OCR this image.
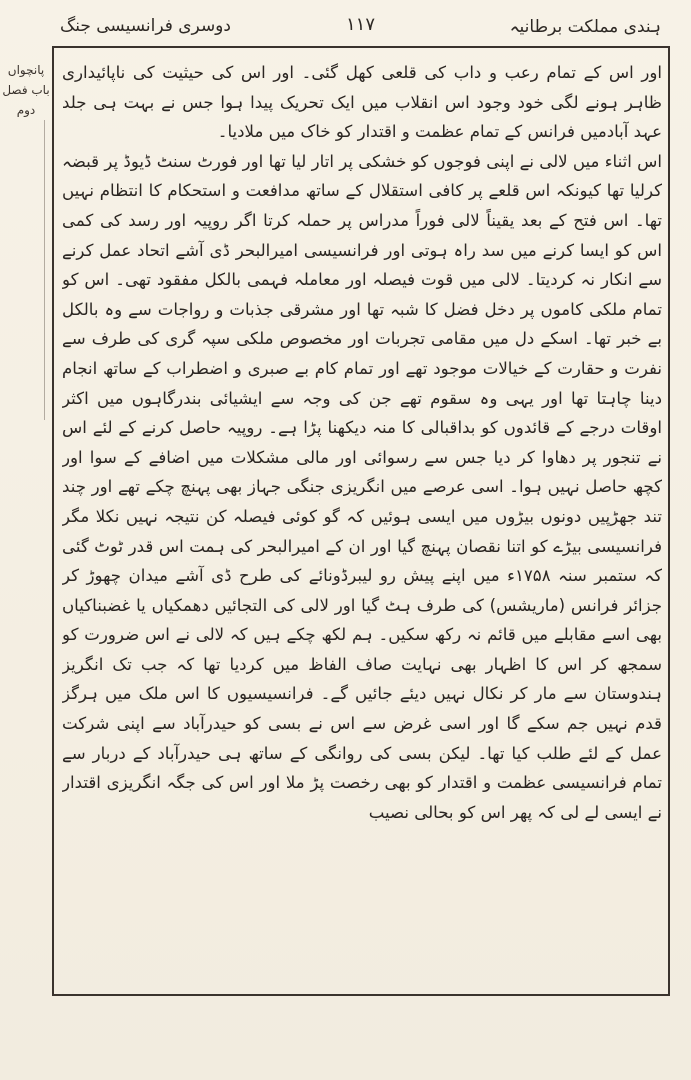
ہندی مملکت برطانیہ
۱۱۷
دوسری فرانسیسی جنگ
پانچواں باب فصل دوم

اور اس کے تمام رعب و داب کی قلعی کھل گئی۔ اور اس کی حیثیت کی ناپائیداری ظاہر ہونے لگی خود وجود اس انقلاب میں ایک تحریک پیدا ہوا جس نے بہت ہی جلد عہد آبادمیں فرانس کے تمام عظمت و اقتدار کو خاک میں ملادیا۔

اس اثناء میں لالی نے اپنی فوجوں کو خشکی پر اتار لیا تھا اور فورٹ سنٹ ڈیوڈ پر قبضہ کرلیا تھا کیونکہ اس قلعے پر کافی استقلال کے ساتھ مدافعت و استحکام کا انتظام نہیں تھا۔ اس فتح کے بعد یقیناً لالی فوراً مدراس پر حملہ کرتا اگر روپیہ اور رسد کی کمی اس کو ایسا کرنے میں سد راہ ہوتی اور فرانسیسی امیرالبحر ڈی آشے اتحاد عمل کرنے سے انکار نہ کردیتا۔ لالی میں قوت فیصلہ اور معاملہ فہمی بالکل مفقود تھی۔ اس کو تمام ملکی کاموں پر دخل فضل کا شبہ تھا اور مشرقی جذبات و رواجات سے وہ بالکل بے خبر تھا۔ اسکے دل میں مقامی تجربات اور مخصوص ملکی سپہ گری کی طرف سے نفرت و حقارت کے خیالات موجود تھے اور تمام کام بے صبری و اضطراب کے ساتھ انجام دینا چاہتا تھا اور یہی وہ سقوم تھے جن کی وجہ سے ایشیائی بندرگاہوں میں اکثر اوقات درجے کے قائدوں کو بداقبالی کا منہ دیکھنا پڑا ہے۔ روپیہ حاصل کرنے کے لئے اس نے تنجور پر دھاوا کر دیا جس سے رسوائی اور مالی مشکلات میں اضافے کے سوا اور کچھ حاصل نہیں ہوا۔ اسی عرصے میں انگریزی جنگی جہاز بھی پہنچ چکے تھے اور چند تند جھڑپیں دونوں بیڑوں میں ایسی ہوئیں کہ گو کوئی فیصلہ کن نتیجہ نہیں نکلا مگر فرانسیسی بیڑے کو اتنا نقصان پہنچ گیا اور ان کے امیرالبحر کی ہمت اس قدر ٹوٹ گئی کہ ستمبر سنہ ۱۷۵۸ء میں اپنے پیش رو لیبرڈونائے کی طرح ڈی آشے میدان چھوڑ کر جزائر فرانس (ماریشس) کی طرف ہٹ گیا اور لالی کی التجائیں دھمکیاں یا غضبناکیاں بھی اسے مقابلے میں قائم نہ رکھ سکیں۔ ہم لکھ چکے ہیں کہ لالی نے اس ضرورت کو سمجھ کر اس کا اظہار بھی نہایت صاف الفاظ میں کردیا تھا کہ جب تک انگریز ہندوستان سے مار کر نکال نہیں دیئے جائیں گے۔ فرانسیسیوں کا اس ملک میں ہرگز قدم نہیں جم سکے گا اور اسی غرض سے اس نے بسی کو حیدرآباد سے اپنی شرکت عمل کے لئے طلب کیا تھا۔ لیکن بسی کی روانگی کے ساتھ ہی حیدرآباد کے دربار سے تمام فرانسیسی عظمت و اقتدار کو بھی رخصت پڑ ملا اور اس کی جگہ انگریزی اقتدار نے ایسی لے لی کہ پھر اس کو بحالی نصیب
